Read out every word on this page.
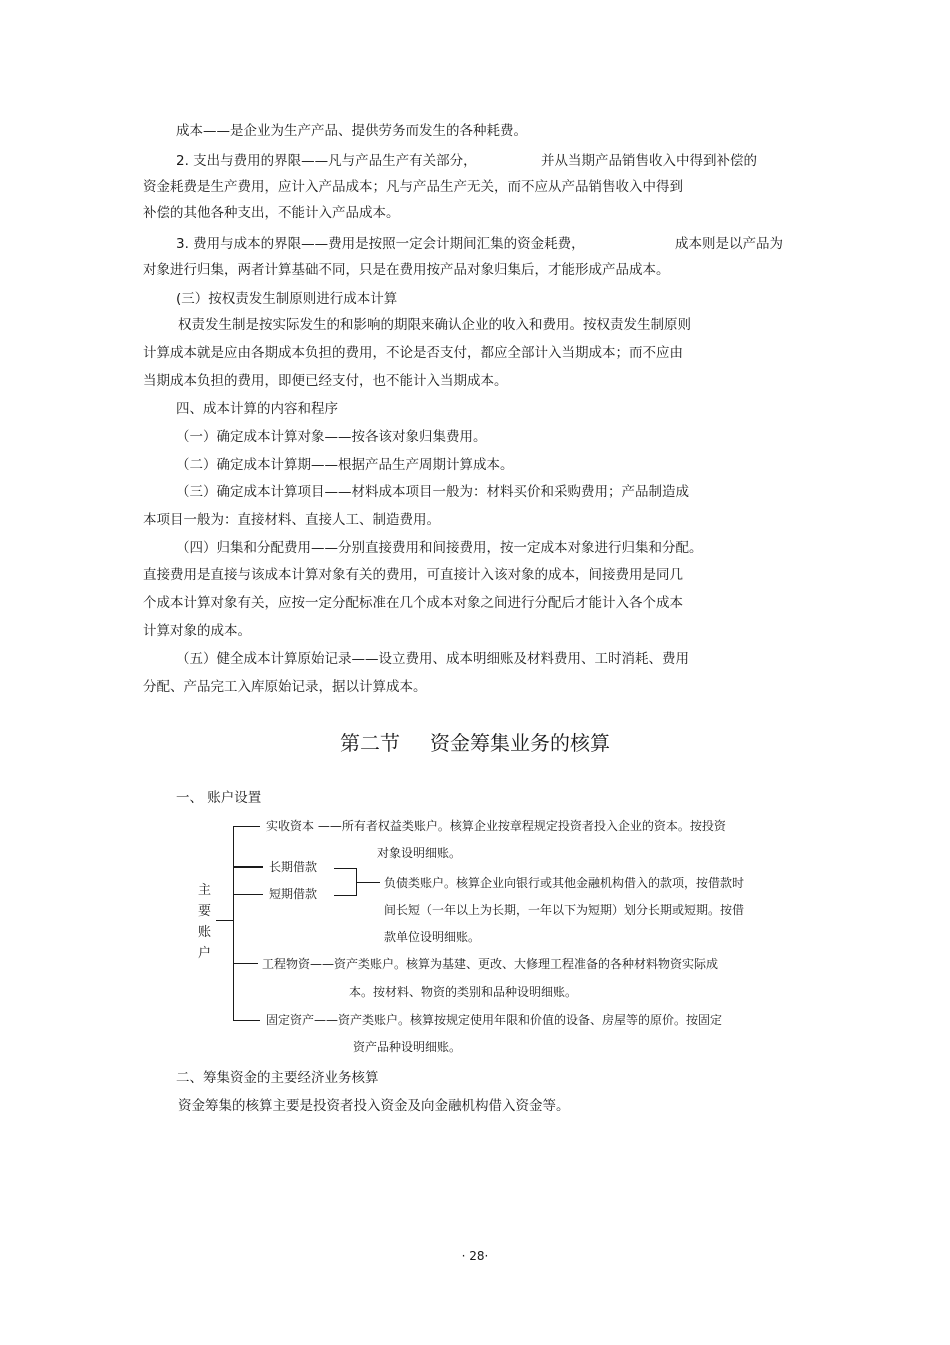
成本——是企业为生产产品、提供劳务而发生的各种耗费。
2. 支出与费用的界限——凡与产品生产有关部分，	并从当期产品销售收入中得到补偿的
资金耗费是生产费用，应计入产品成本；凡与产品生产无关，而不应从产品销售收入中得到
补偿的其他各种支出，不能计入产品成本。
3. 费用与成本的界限——费用是按照一定会计期间汇集的资金耗费，	成本则是以产品为
对象进行归集，两者计算基础不同，只是在费用按产品对象归集后，才能形成产品成本。
(三）按权责发生制原则进行成本计算
权责发生制是按实际发生的和影响的期限来确认企业的收入和费用。按权责发生制原则
计算成本就是应由各期成本负担的费用，不论是否支付，都应全部计入当期成本；而不应由
当期成本负担的费用，即便已经支付，也不能计入当期成本。
四、成本计算的内容和程序
（一）确定成本计算对象——按各该对象归集费用。
（二）确定成本计算期——根据产品生产周期计算成本。
（三）确定成本计算项目——材料成本项目一般为：材料买价和采购费用；产品制造成
本项目一般为：直接材料、直接人工、制造费用。
（四）归集和分配费用——分别直接费用和间接费用，按一定成本对象进行归集和分配。
直接费用是直接与该成本计算对象有关的费用，可直接计入该对象的成本，间接费用是同几
个成本计算对象有关，应按一定分配标准在几个成本对象之间进行分配后才能计入各个成本
计算对象的成本。
（五）健全成本计算原始记录——设立费用、成本明细账及材料费用、工时消耗、费用
分配、产品完工入库原始记录，据以计算成本。
第二节 资金筹集业务的核算
一、 账户设置
主
要
账
户
实收资本 ——所有者权益类账户。核算企业按章程规定投资者投入企业的资本。按投资
对象设明细账。
长期借款
短期借款
负债类账户。核算企业向银行或其他金融机构借入的款项，按借款时
间长短（一年以上为长期，一年以下为短期）划分长期或短期。按借
款单位设明细账。
工程物资——资产类账户。核算为基建、更改、大修理工程准备的各种材料物资实际成
本。按材料、物资的类别和品种设明细账。
固定资产——资产类账户。核算按规定使用年限和价值的设备、房屋等的原价。按固定
资产品种设明细账。
二、筹集资金的主要经济业务核算
资金筹集的核算主要是投资者投入资金及向金融机构借入资金等。
· 28·
